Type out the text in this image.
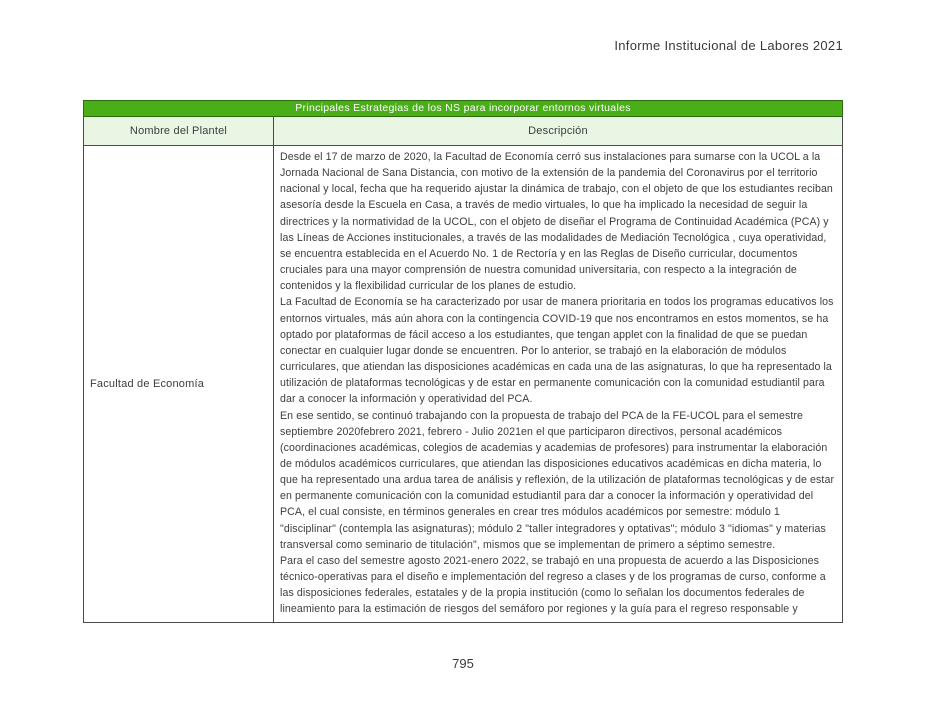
Informe Institucional de Labores 2021
Principales Estrategias de los NS para incorporar entornos virtuales
Nombre del Plantel	Descripción
Facultad de Economía

Desde el 17 de marzo de 2020, la Facultad de Economía cerró sus instalaciones para sumarse con la UCOL a la Jornada Nacional de Sana Distancia, con motivo de la extensión de la pandemia del Coronavirus por el territorio nacional y local, fecha que ha requerido ajustar la dinámica de trabajo, con el objeto de que los estudiantes reciban asesoría desde la Escuela en Casa, a través de medio virtuales, lo que ha implicado la necesidad de seguir la directrices y la normatividad de la UCOL, con el objeto de diseñar el Programa de Continuidad Académica (PCA) y las Líneas de Acciones institucionales, a través de las modalidades de Mediación Tecnológica , cuya operatividad, se encuentra establecida en el Acuerdo No. 1 de Rectoría y en las Reglas de Diseño curricular, documentos cruciales para una mayor comprensión de nuestra comunidad universitaria, con respecto a la integración de contenidos y la flexibilidad curricular de los planes de estudio.

La Facultad de Economía se ha caracterizado por usar de manera prioritaria en todos los programas educativos los entornos virtuales, más aún ahora con la contingencia COVID-19 que nos encontramos en estos momentos, se ha optado por plataformas de fácil acceso a los estudiantes, que tengan applet con la finalidad de que se puedan conectar en cualquier lugar donde se encuentren. Por lo anterior, se trabajó en la elaboración de módulos curriculares, que atiendan las disposiciones académicas en cada una de las asignaturas, lo que ha representado la utilización de plataformas tecnológicas y de estar en permanente comunicación con la comunidad estudiantil para dar a conocer la información y operatividad del PCA.

En ese sentido, se continuó trabajando con la propuesta de trabajo del PCA de la FE-UCOL para el semestre septiembre 2020febrero 2021, febrero - Julio 2021en el que participaron directivos, personal académicos (coordinaciones académicas, colegios de academias y academias de profesores) para instrumentar la elaboración de módulos académicos curriculares, que atiendan las disposiciones educativos académicas en dicha materia, lo que ha representado una ardua tarea de análisis y reflexión, de la utilización de plataformas tecnológicas y de estar en permanente comunicación con la comunidad estudiantil para dar a conocer la información y operatividad del PCA, el cual consiste, en términos generales en crear tres módulos académicos por semestre: módulo 1 "disciplinar" (contempla las asignaturas); módulo 2 "taller integradores y optativas"; módulo 3 "idiomas" y materias transversal como seminario de titulación", mismos que se implementan de primero a séptimo semestre.

Para el caso del semestre agosto 2021-enero 2022, se trabajó en una propuesta de acuerdo a las Disposiciones técnico-operativas para el diseño e implementación del regreso a clases y de los programas de curso, conforme a las disposiciones federales, estatales y de la propia institución (como lo señalan los documentos federales de lineamiento para la estimación de riesgos del semáforo por regiones y la guía para el regreso responsable y

795
